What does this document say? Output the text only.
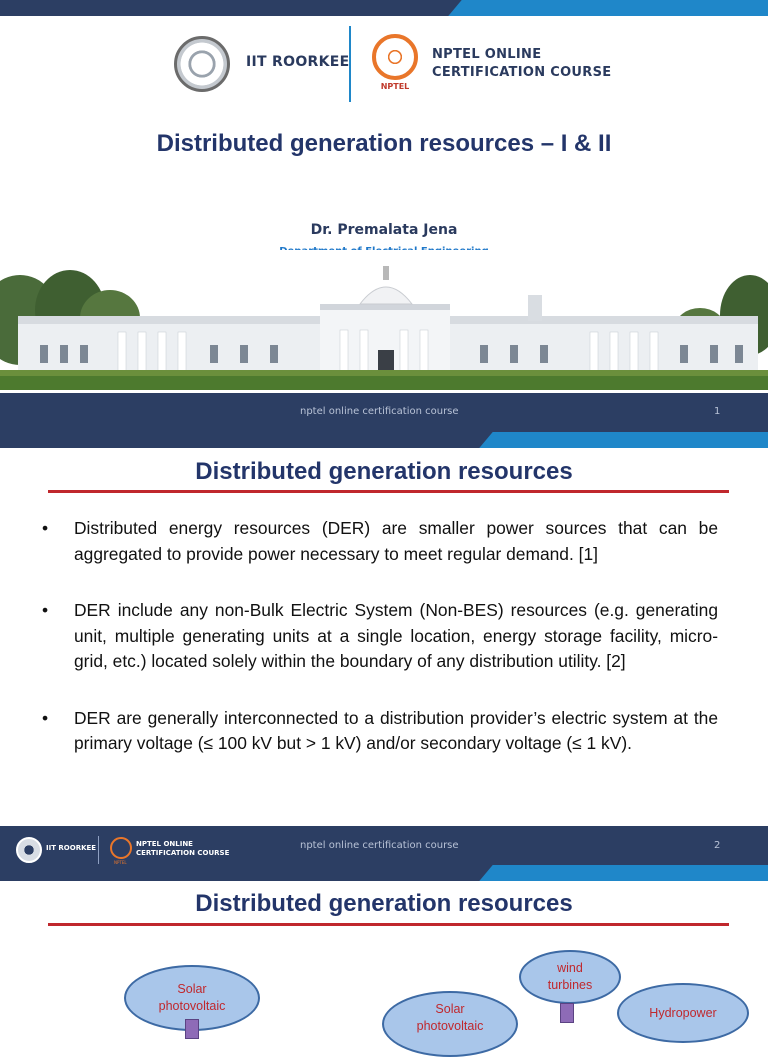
IIT ROORKEE
NPTEL
NPTEL ONLINE
CERTIFICATION COURSE
Distributed generation resources – I & II
Dr. Premalata Jena
nptel online certification course	1
Distributed generation resources
• Distributed energy resources (DER) are smaller power sources that can be aggregated to provide power necessary to meet regular demand. [1]
• DER include any non-Bulk Electric System (Non-BES) resources (e.g. generating unit, multiple generating units at a single location, energy storage facility, micro-grid, etc.) located solely within the boundary of any distribution utility. [2]
• DER are generally interconnected to a distribution provider’s electric system at the primary voltage (≤ 100 kV but > 1 kV) and/or secondary voltage (≤ 1 kV).
IIT ROORKEE
NPTEL
NPTEL ONLINE
CERTIFICATION COURSE
nptel online certification course	2
Distributed generation resources
Solar
photovoltaic
wind
turbines
Solar
photovoltaic
Hydropower
